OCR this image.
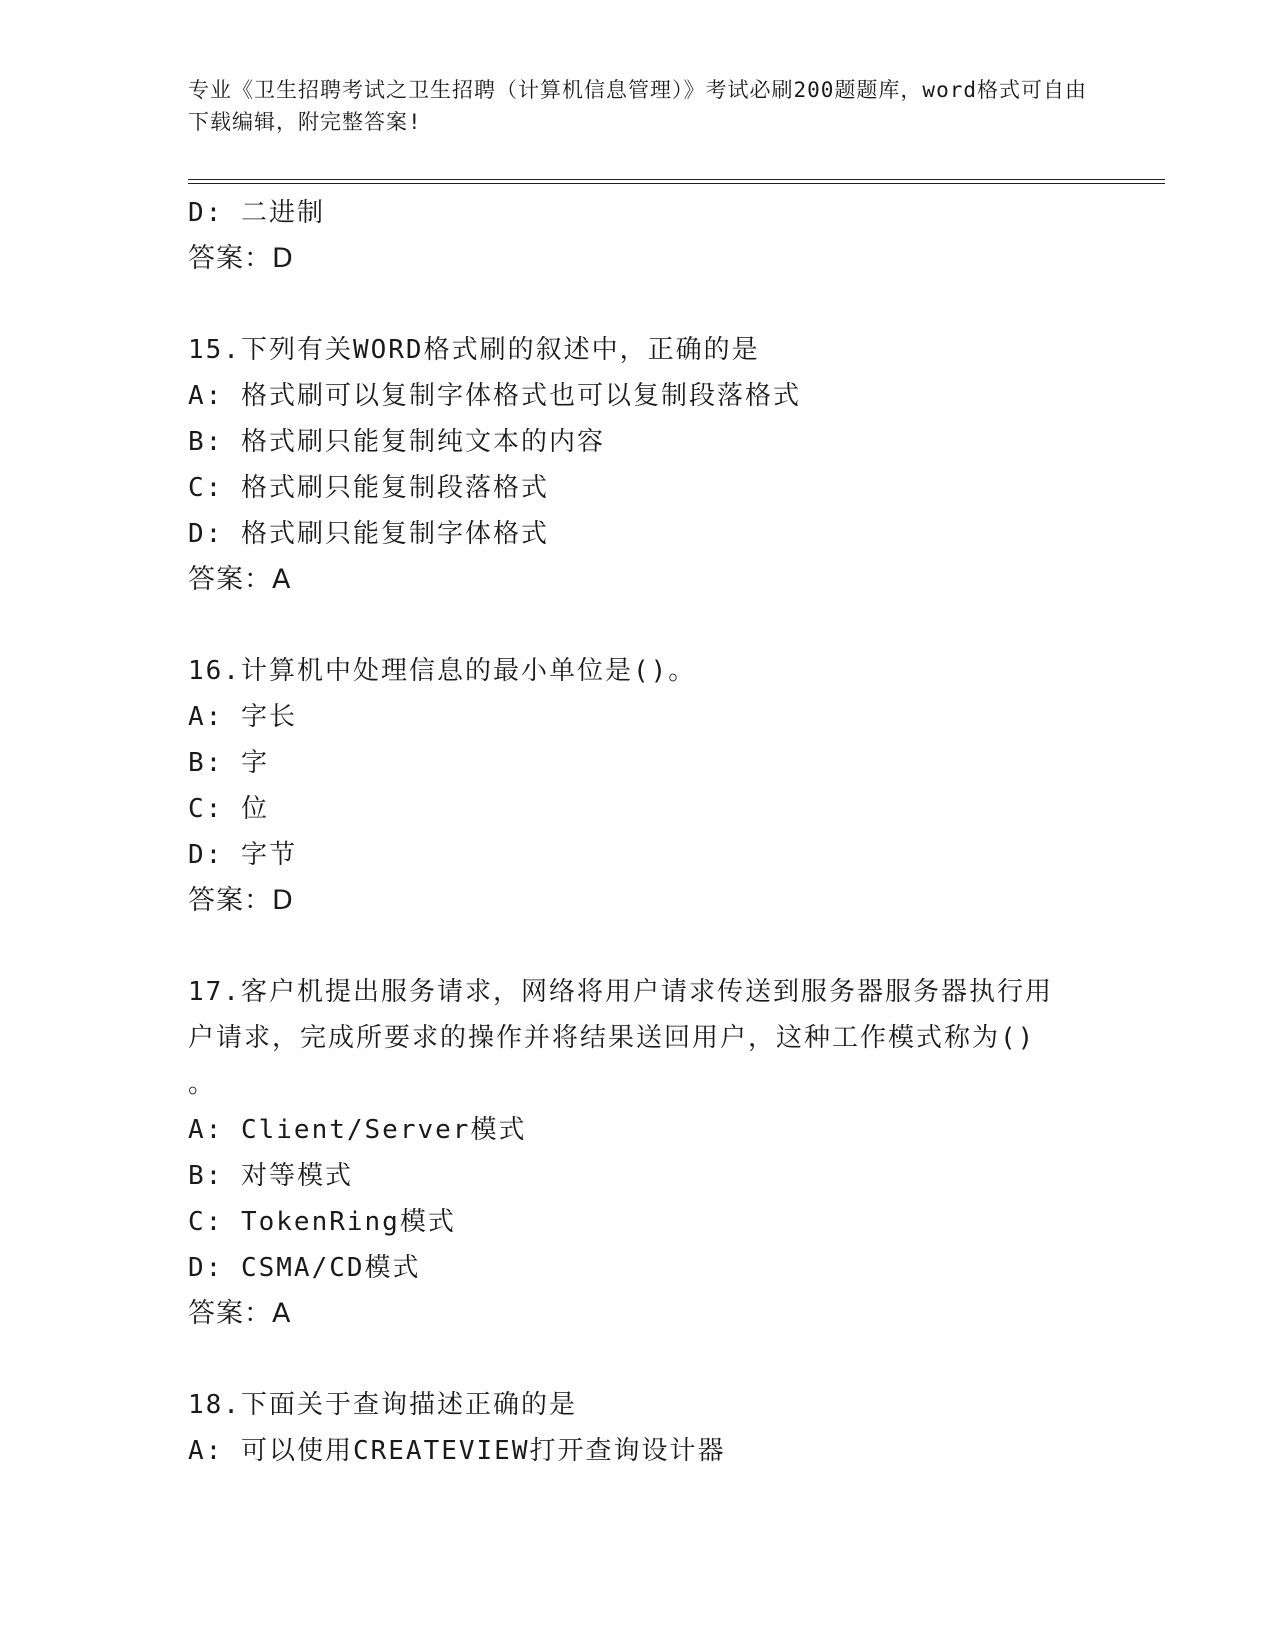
专业《卫生招聘考试之卫生招聘（计算机信息管理）》考试必刷200题题库，word格式可自由下载编辑，附完整答案!
D: 二进制
答案：D
15.下列有关WORD格式刷的叙述中，正确的是
A: 格式刷可以复制字体格式也可以复制段落格式
B: 格式刷只能复制纯文本的内容
C: 格式刷只能复制段落格式
D: 格式刷只能复制字体格式
答案：A
16.计算机中处理信息的最小单位是()。
A: 字长
B: 字
C: 位
D: 字节
答案：D
17.客户机提出服务请求，网络将用户请求传送到服务器服务器执行用
户请求，完成所要求的操作并将结果送回用户，这种工作模式称为()
。
A: Client/Server模式
B: 对等模式
C: TokenRing模式
D: CSMA/CD模式
答案：A
18.下面关于查询描述正确的是
A: 可以使用CREATEVIEW打开查询设计器
